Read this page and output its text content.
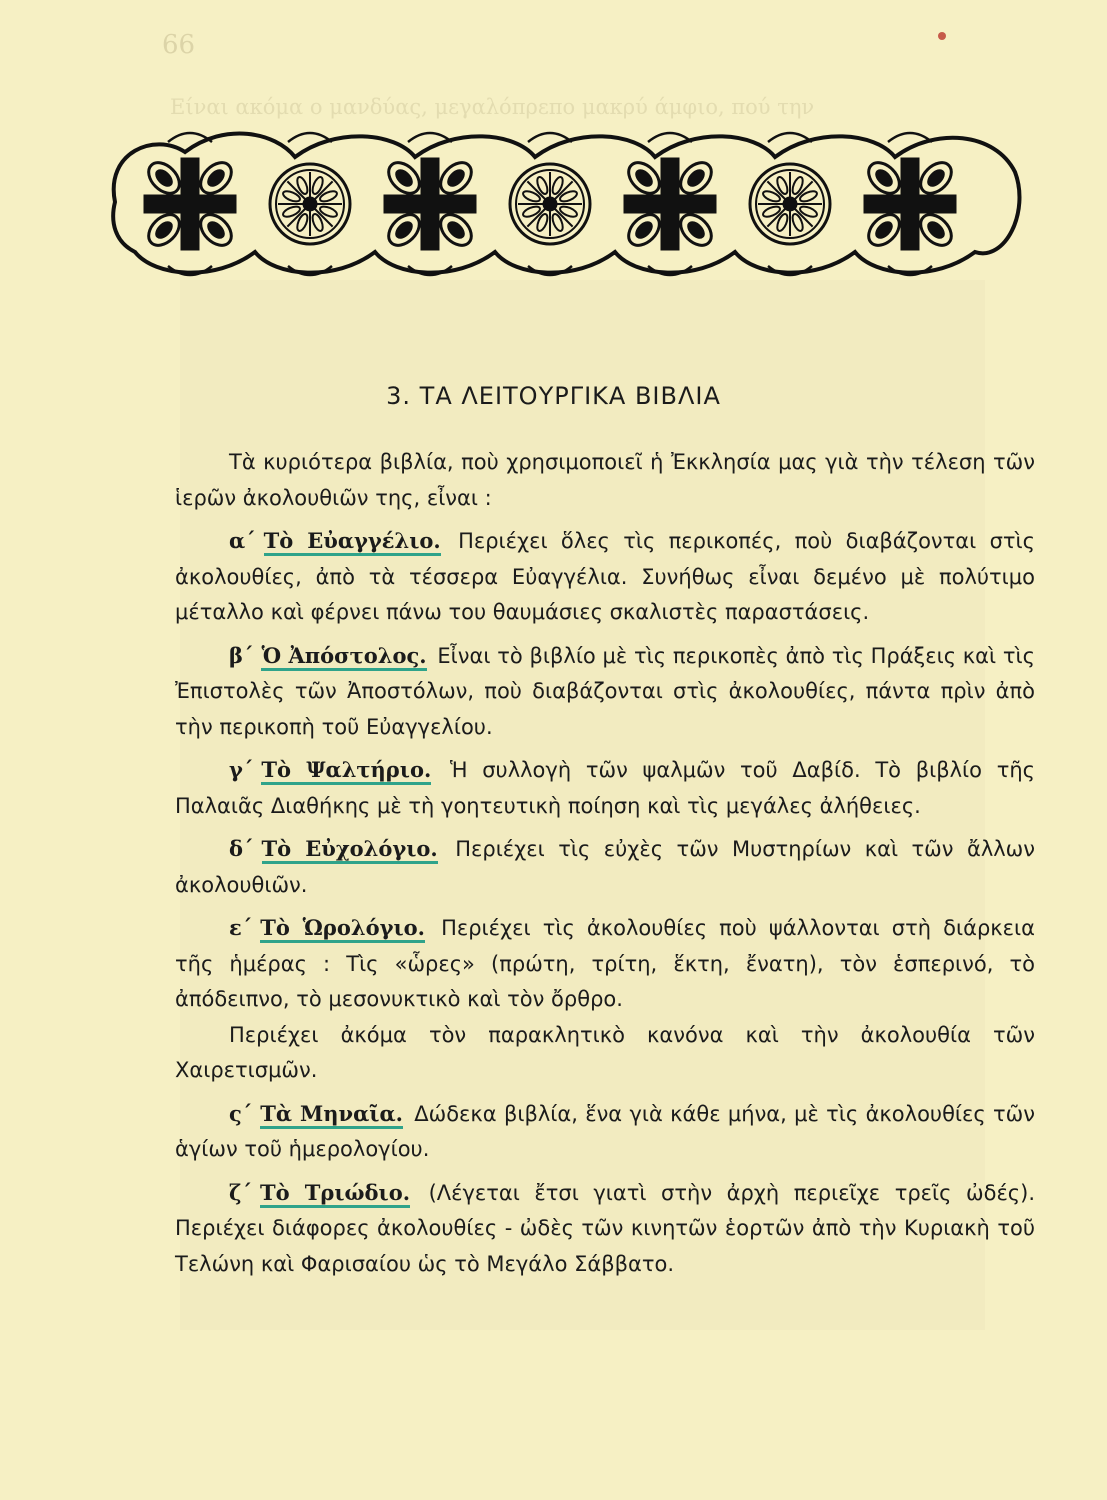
66
Είναι ακόμα ο μανδύας, μεγαλόπρεπο μακρύ άμφιο, πού την
3. ΤΑ ΛΕΙΤΟΥΡΓΙΚΑ ΒΙΒΛΙΑ

Τὰ κυριότερα βιβλία, ποὺ χρησιμοποιεῖ ἡ Ἐκκλησία μας γιὰ τὴν τέλεση τῶν ἱερῶν ἀκολουθιῶν της, εἶναι :

α΄ Τὸ Εὐαγγέλιο. Περιέχει ὅλες τὶς περικοπές, ποὺ διαβάζονται στὶς ἀκολουθίες, ἀπὸ τὰ τέσσερα Εὐαγγέλια. Συνήθως εἶναι δεμένο μὲ πολύτιμο μέταλλο καὶ φέρνει πάνω του θαυμάσιες σκαλιστὲς παραστάσεις.

β΄ Ὁ Ἀπόστολος. Εἶναι τὸ βιβλίο μὲ τὶς περικοπὲς ἀπὸ τὶς Πράξεις καὶ τὶς Ἐπιστολὲς τῶν Ἀποστόλων, ποὺ διαβάζονται στὶς ἀκολουθίες, πάντα πρὶν ἀπὸ τὴν περικοπὴ τοῦ Εὐαγγελίου.

γ΄ Τὸ Ψαλτήριο. Ἡ συλλογὴ τῶν ψαλμῶν τοῦ Δαβίδ. Τὸ βιβλίο τῆς Παλαιᾶς Διαθήκης μὲ τὴ γοητευτικὴ ποίηση καὶ τὶς μεγάλες ἀλήθειες.

δ΄ Τὸ Εὐχολόγιο. Περιέχει τὶς εὐχὲς τῶν Μυστηρίων καὶ τῶν ἄλλων ἀκολουθιῶν.

ε΄ Τὸ Ὡρολόγιο. Περιέχει τὶς ἀκολουθίες ποὺ ψάλλονται στὴ διάρκεια τῆς ἡμέρας : Τὶς «ὧρες» (πρώτη, τρίτη, ἕκτη, ἔνατη), τὸν ἑσπερινό, τὸ ἀπόδειπνο, τὸ μεσονυκτικὸ καὶ τὸν ὄρθρο.

Περιέχει ἀκόμα τὸν παρακλητικὸ κανόνα καὶ τὴν ἀκολουθία τῶν Χαιρετισμῶν.

ς΄ Τὰ Μηναῖα. Δώδεκα βιβλία, ἕνα γιὰ κάθε μήνα, μὲ τὶς ἀκολουθίες τῶν ἁγίων τοῦ ἡμερολογίου.

ζ΄ Τὸ Τριώδιο. (Λέγεται ἔτσι γιατὶ στὴν ἀρχὴ περιεῖχε τρεῖς ὠδές). Περιέχει διάφορες ἀκολουθίες - ὠδὲς τῶν κινητῶν ἑορτῶν ἀπὸ τὴν Κυριακὴ τοῦ Τελώνη καὶ Φαρισαίου ὡς τὸ Μεγάλο Σάββατο.
